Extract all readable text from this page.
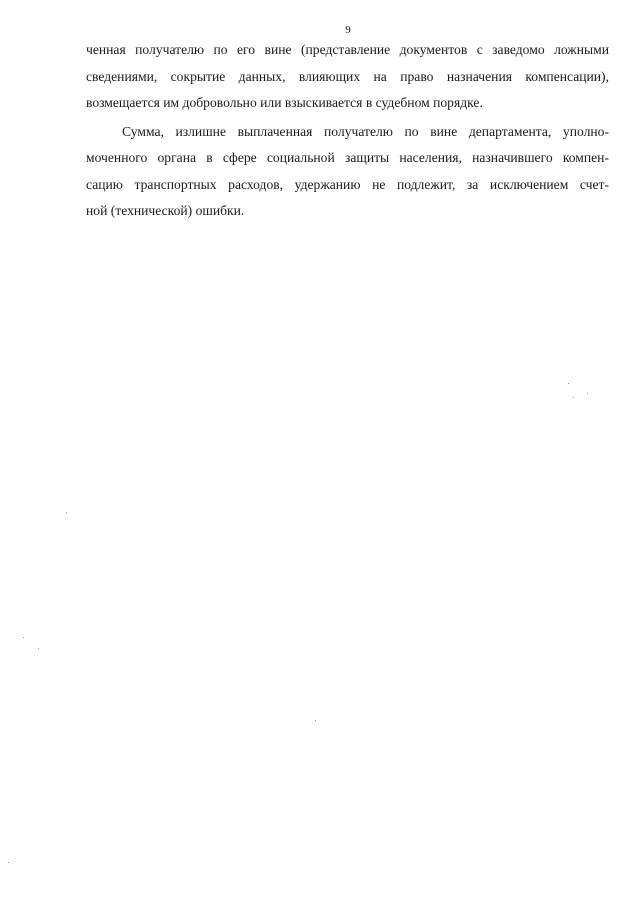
9

ченная получателю по его вине (представление документов с заведомо ложными
сведениями, сокрытие данных, влияющих на право назначения компенсации),
возмещается им добровольно или взыскивается в судебном порядке.

Сумма, излишне выплаченная получателю по вине департамента, уполно-
моченного органа в сфере социальной защиты населения, назначившего компен-
сацию транспортных расходов, удержанию не подлежит, за исключением счет-
ной (технической) ошибки.
